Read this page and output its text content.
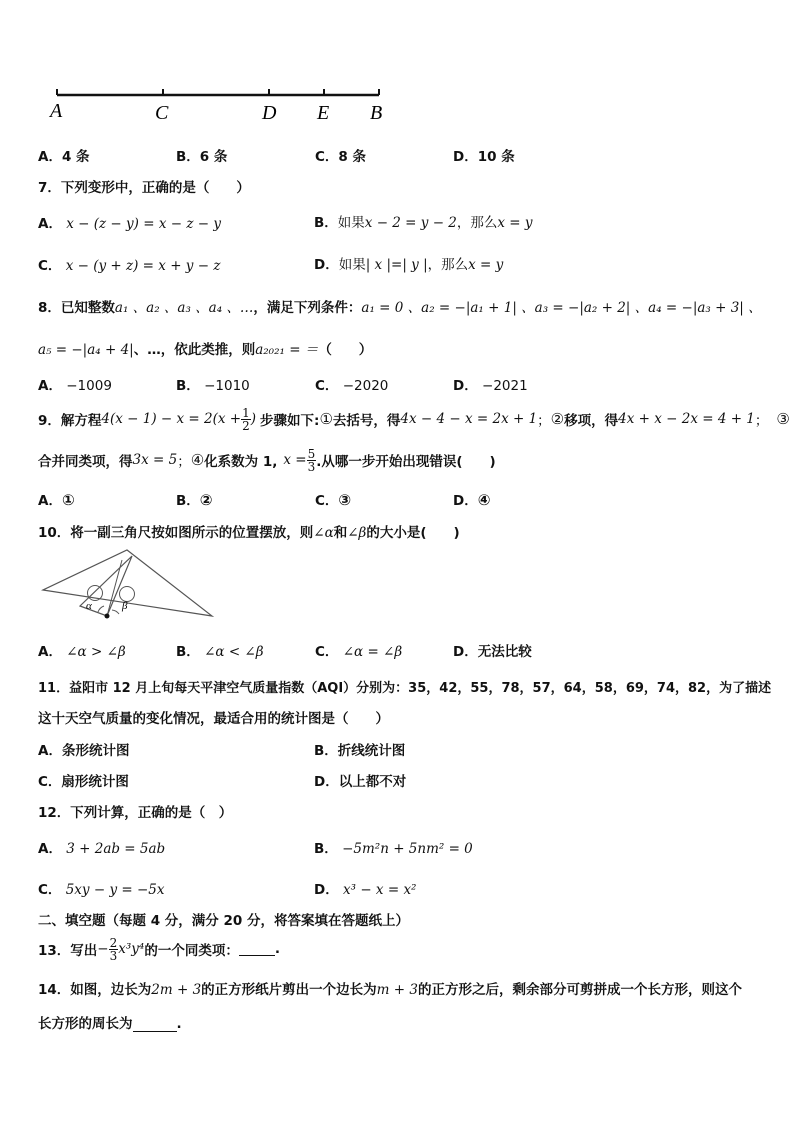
A	C	D E B
A．4 条	B．6 条	C．8 条	D．10 条
7．下列变形中，正确的是（　　）
A． x − (z − y) = x − z − y	B．如果x − 2 = y − 2，那么x = y
C． x − (y + z) = x + y − z	D．如果| x |=| y |，那么x = y
8．已知整数a₁ 、a₂ 、a₃ 、a₄ 、…，满足下列条件：a₁ = 0 、a₂ = −|a₁ + 1| 、a₃ = −|a₂ + 2| 、a₄ = −|a₃ + 3| 、
a₅ = −|a₄ + 4|、…，依此类推，则a₂₀₂₁ = ＝（　　）
A． −1009	B． −1010	C． −2020	D． −2021
9． 解方程 $4(x - 1) - x = 2(x + \frac{1}{2}$ ) 步骤如下: ① 去括号，得 4x − 4 − x = 2x + 1 ； ② 移项，得 4x + x − 2x = 4 + 1 ； ③
合并同类项，得 3x = 5 ； ④ 化系数为 1, $x = \frac{5}{3}$ .从哪一步开始出现错误(　　)
A．①	B．②	C．③	D．④
10．将一副三角尺按如图所示的位置摆放，则∠α和∠β的大小是(　　)
α	β
A． ∠α > ∠β	B． ∠α < ∠β	C． ∠α = ∠β	D．无法比较
11．益阳市 12 月上旬每天平津空气质量指数（AQI）分别为：35，42，55，78，57，64，58，69，74，82，为了描述
这十天空气质量的变化情况，最适合用的统计图是（　　）
A．条形统计图	B．折线统计图
C．扇形统计图	D．以上都不对
12．下列计算，正确的是（　）
A． 3 + 2ab = 5ab	B． −5m²n + 5nm² = 0
C． 5xy − y = −5x	D． x³ − x = x²
二、填空题（每题 4 分，满分 20 分，将答案填在答题纸上）
13． 写出 − $\frac{2}{3} x^3y^4$ 的一个同类项：	.
14．如图，边长为2m + 3的正方形纸片剪出一个边长为m + 3的正方形之后，剩余部分可剪拼成一个长方形，则这个
长方形的周长为	.
